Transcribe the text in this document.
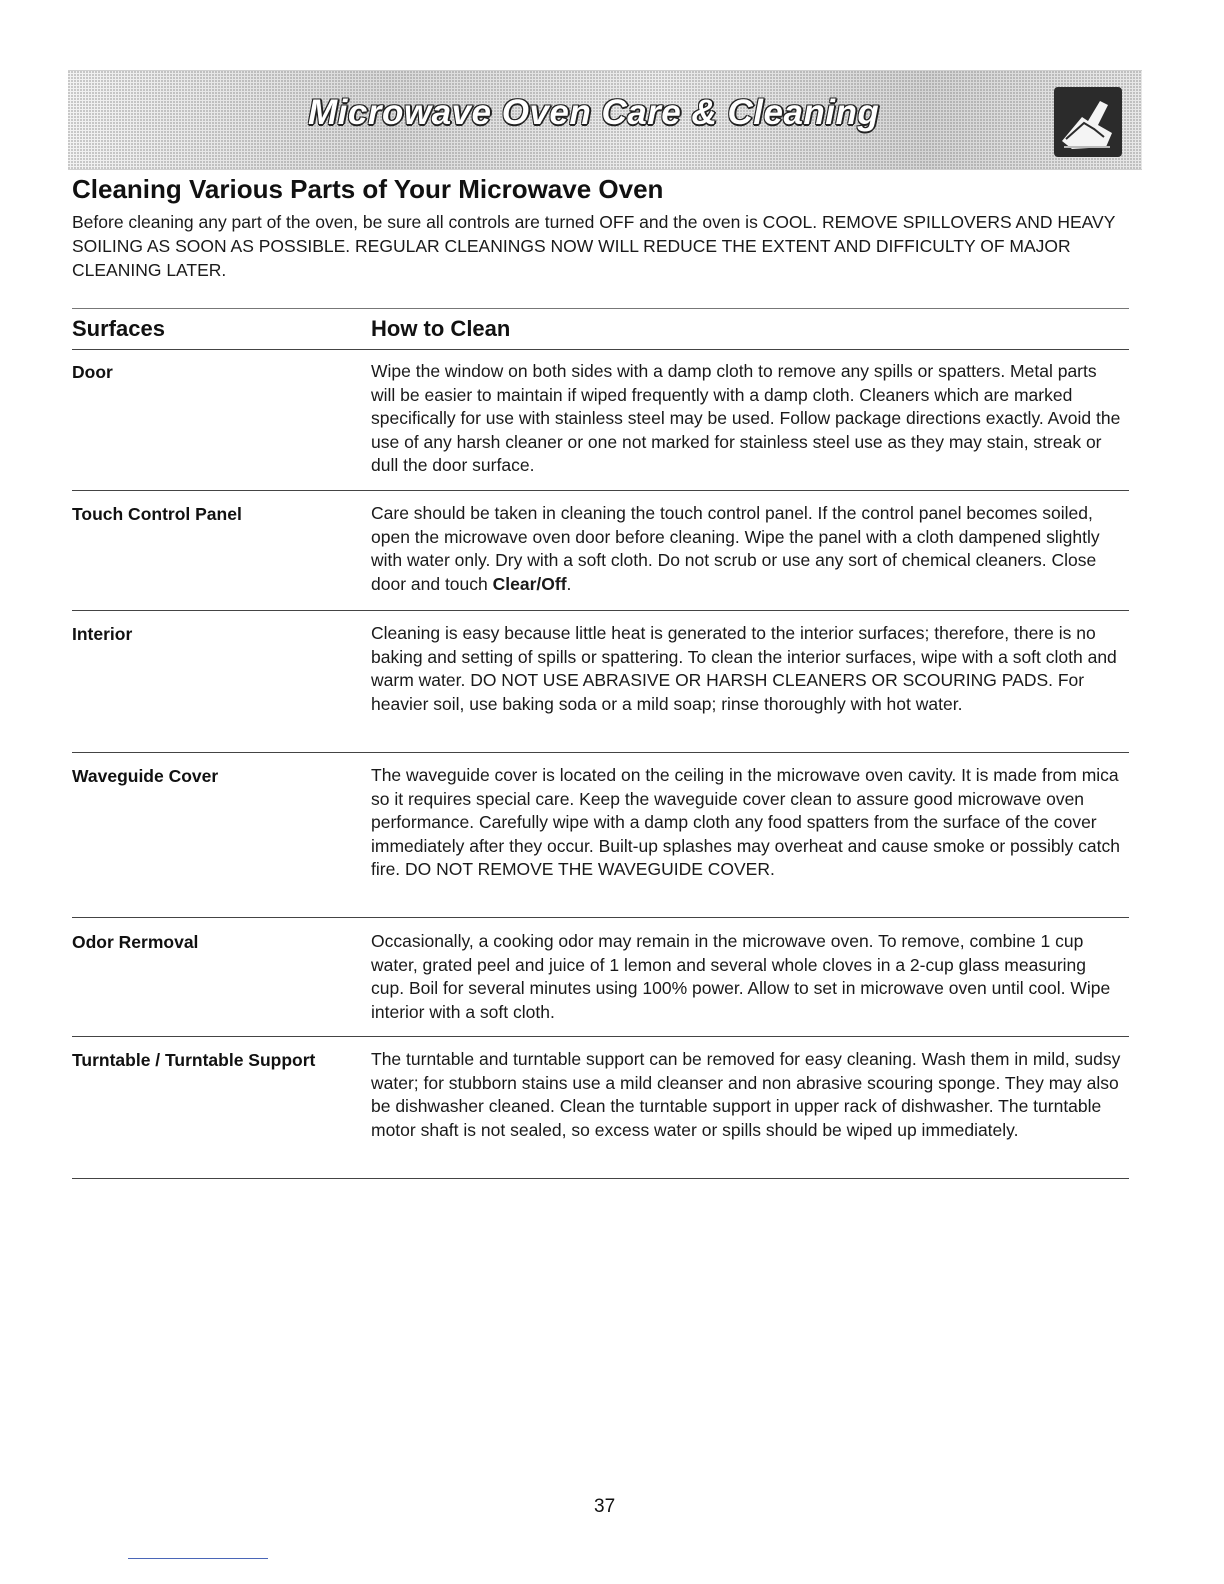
Microwave Oven Care & Cleaning
Cleaning Various Parts of Your Microwave Oven
Before cleaning any part of the oven, be sure all controls are turned OFF and the oven is COOL. REMOVE SPILLOVERS AND HEAVY SOILING AS SOON AS POSSIBLE. REGULAR CLEANINGS NOW WILL REDUCE THE EXTENT AND DIFFICULTY OF MAJOR CLEANING LATER.
Surfaces	How to Clean
Door	Wipe the window on both sides with a damp cloth to remove any spills or spatters. Metal parts will be easier to maintain if wiped frequently with a damp cloth. Cleaners which are marked specifically for use with stainless steel may be used. Follow package directions exactly. Avoid the use of any harsh cleaner or one not marked for stainless steel use as they may stain, streak or dull the door surface.
Touch Control Panel	Care should be taken in cleaning the touch control panel. If the control panel becomes soiled, open the microwave oven door before cleaning. Wipe the panel with a cloth dampened slightly with water only. Dry with a soft cloth. Do not scrub or use any sort of chemical cleaners. Close door and touch Clear/Off.
Interior	Cleaning is easy because little heat is generated to the interior surfaces; therefore, there is no baking and setting of spills or spattering. To clean the interior surfaces, wipe with a soft cloth and warm water. DO NOT USE ABRASIVE OR HARSH CLEANERS OR SCOURING PADS. For heavier soil, use baking soda or a mild soap; rinse thoroughly with hot water.
Waveguide Cover	The waveguide cover is located on the ceiling in the microwave oven cavity. It is made from mica so it requires special care. Keep the waveguide cover clean to assure good microwave oven performance. Carefully wipe with a damp cloth any food spatters from the surface of the cover immediately after they occur. Built-up splashes may overheat and cause smoke or possibly catch fire. DO NOT REMOVE THE WAVEGUIDE COVER.
Odor Rermoval	Occasionally, a cooking odor may remain in the microwave oven. To remove, combine 1 cup water, grated peel and juice of 1 lemon and several whole cloves in a 2-cup glass measuring cup. Boil for several minutes using 100% power. Allow to set in microwave oven until cool. Wipe interior with a soft cloth.
Turntable / Turntable Support	The turntable and turntable support can be removed for easy cleaning. Wash them in mild, sudsy water; for stubborn stains use a mild cleanser and non abrasive scouring sponge. They may also be dishwasher cleaned. Clean the turntable support in upper rack of dishwasher. The turntable motor shaft is not sealed, so excess water or spills should be wiped up immediately.
37
